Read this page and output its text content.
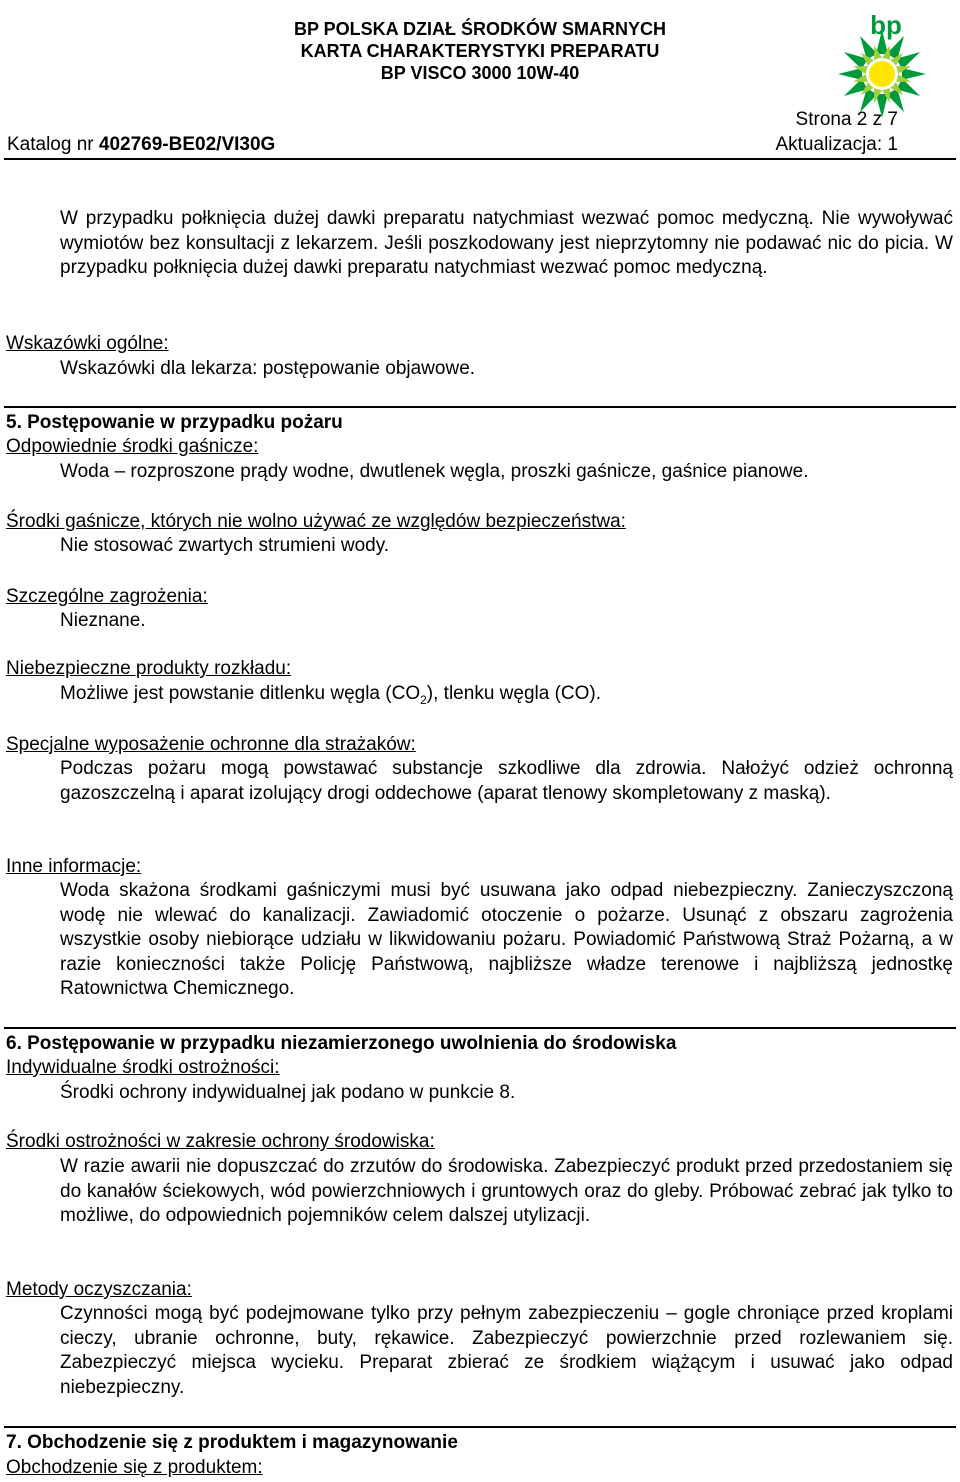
BP POLSKA DZIAŁ ŚRODKÓW SMARNYCH
KARTA CHARAKTERYSTYKI PREPARATU
BP VISCO 3000 10W-40
bp
Strona 2 z 7
Katalog nr 402769-BE02/VI30G	Aktualizacja: 1
W przypadku połknięcia dużej dawki preparatu natychmiast wezwać pomoc medyczną. Nie wywoływać wymiotów bez konsultacji z lekarzem. Jeśli poszkodowany jest nieprzytomny nie podawać nic do picia. W przypadku połknięcia dużej dawki preparatu natychmiast wezwać pomoc medyczną.
Wskazówki ogólne:
Wskazówki dla lekarza: postępowanie objawowe.
5. Postępowanie w przypadku pożaru
Odpowiednie środki gaśnicze:
Woda – rozproszone prądy wodne, dwutlenek węgla, proszki gaśnicze, gaśnice pianowe.
Środki gaśnicze, których nie wolno używać ze względów bezpieczeństwa:
Nie stosować zwartych strumieni wody.
Szczególne zagrożenia:
Nieznane.
Niebezpieczne produkty rozkładu:
Możliwe jest powstanie ditlenku węgla $(CO_2)$, tlenku węgla (CO).
Specjalne wyposażenie ochronne dla strażaków:
Podczas pożaru mogą powstawać substancje szkodliwe dla zdrowia. Nałożyć odzież ochronną gazoszczelną i aparat izolujący drogi oddechowe (aparat tlenowy skompletowany z maską).
Inne informacje:
Woda skażona środkami gaśniczymi musi być usuwana jako odpad niebezpieczny. Zanieczyszczoną wodę nie wlewać do kanalizacji. Zawiadomić otoczenie o pożarze. Usunąć z obszaru zagrożenia wszystkie osoby niebiorące udziału w likwidowaniu pożaru. Powiadomić Państwową Straż Pożarną, a w razie konieczności także Policję Państwową, najbliższe władze terenowe i najbliższą jednostkę Ratownictwa Chemicznego.
6. Postępowanie w przypadku niezamierzonego uwolnienia do środowiska
Indywidualne środki ostrożności:
Środki ochrony indywidualnej jak podano w punkcie 8.
Środki ostrożności w zakresie ochrony środowiska:
W razie awarii nie dopuszczać do zrzutów do środowiska. Zabezpieczyć produkt przed przedostaniem się do kanałów ściekowych, wód powierzchniowych i gruntowych oraz do gleby. Próbować zebrać jak tylko to możliwe, do odpowiednich pojemników celem dalszej utylizacji.
Metody oczyszczania:
Czynności mogą być podejmowane tylko przy pełnym zabezpieczeniu – gogle chroniące przed kroplami cieczy, ubranie ochronne, buty, rękawice. Zabezpieczyć powierzchnie przed rozlewaniem się. Zabezpieczyć miejsca wycieku. Preparat zbierać ze środkiem wiążącym i usuwać jako odpad niebezpieczny.
7. Obchodzenie się z produktem i magazynowanie
Obchodzenie się z produktem:
